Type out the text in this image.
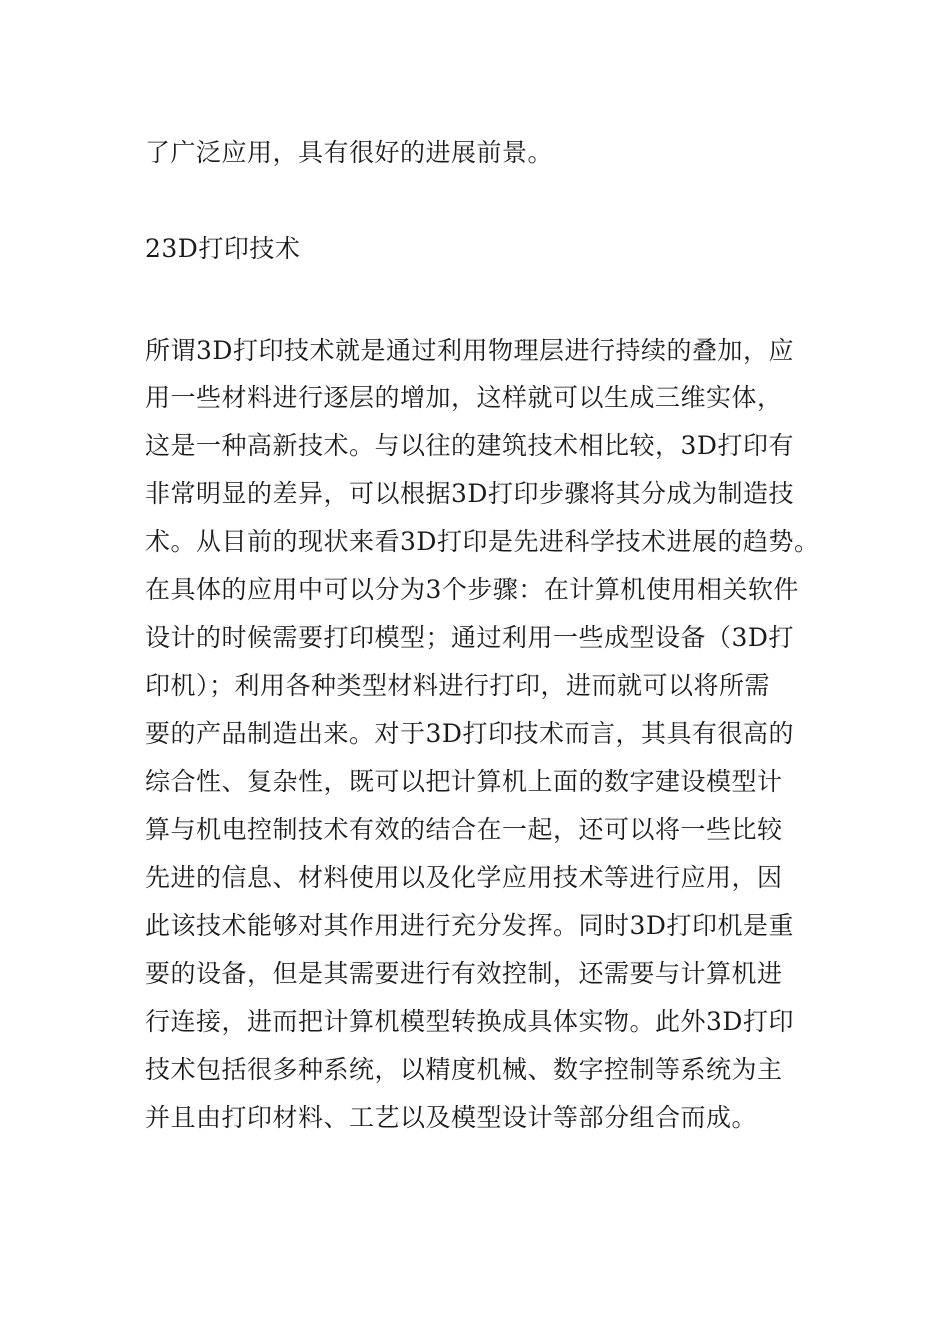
了广泛应用，具有很好的进展前景。
23D打印技术
所谓3D打印技术就是通过利用物理层进行持续的叠加，应
用一些材料进行逐层的增加，这样就可以生成三维实体，
这是一种高新技术。与以往的建筑技术相比较，3D打印有
非常明显的差异，可以根据3D打印步骤将其分成为制造技
术。从目前的现状来看3D打印是先进科学技术进展的趋势。
在具体的应用中可以分为3个步骤：在计算机使用相关软件
设计的时候需要打印模型；通过利用一些成型设备（3D打
印机）；利用各种类型材料进行打印，进而就可以将所需
要的产品制造出来。对于3D打印技术而言，其具有很高的
综合性、复杂性，既可以把计算机上面的数字建设模型计
算与机电控制技术有效的结合在一起，还可以将一些比较
先进的信息、材料使用以及化学应用技术等进行应用，因
此该技术能够对其作用进行充分发挥。同时3D打印机是重
要的设备，但是其需要进行有效控制，还需要与计算机进
行连接，进而把计算机模型转换成具体实物。此外3D打印
技术包括很多种系统，以精度机械、数字控制等系统为主
并且由打印材料、工艺以及模型设计等部分组合而成。
